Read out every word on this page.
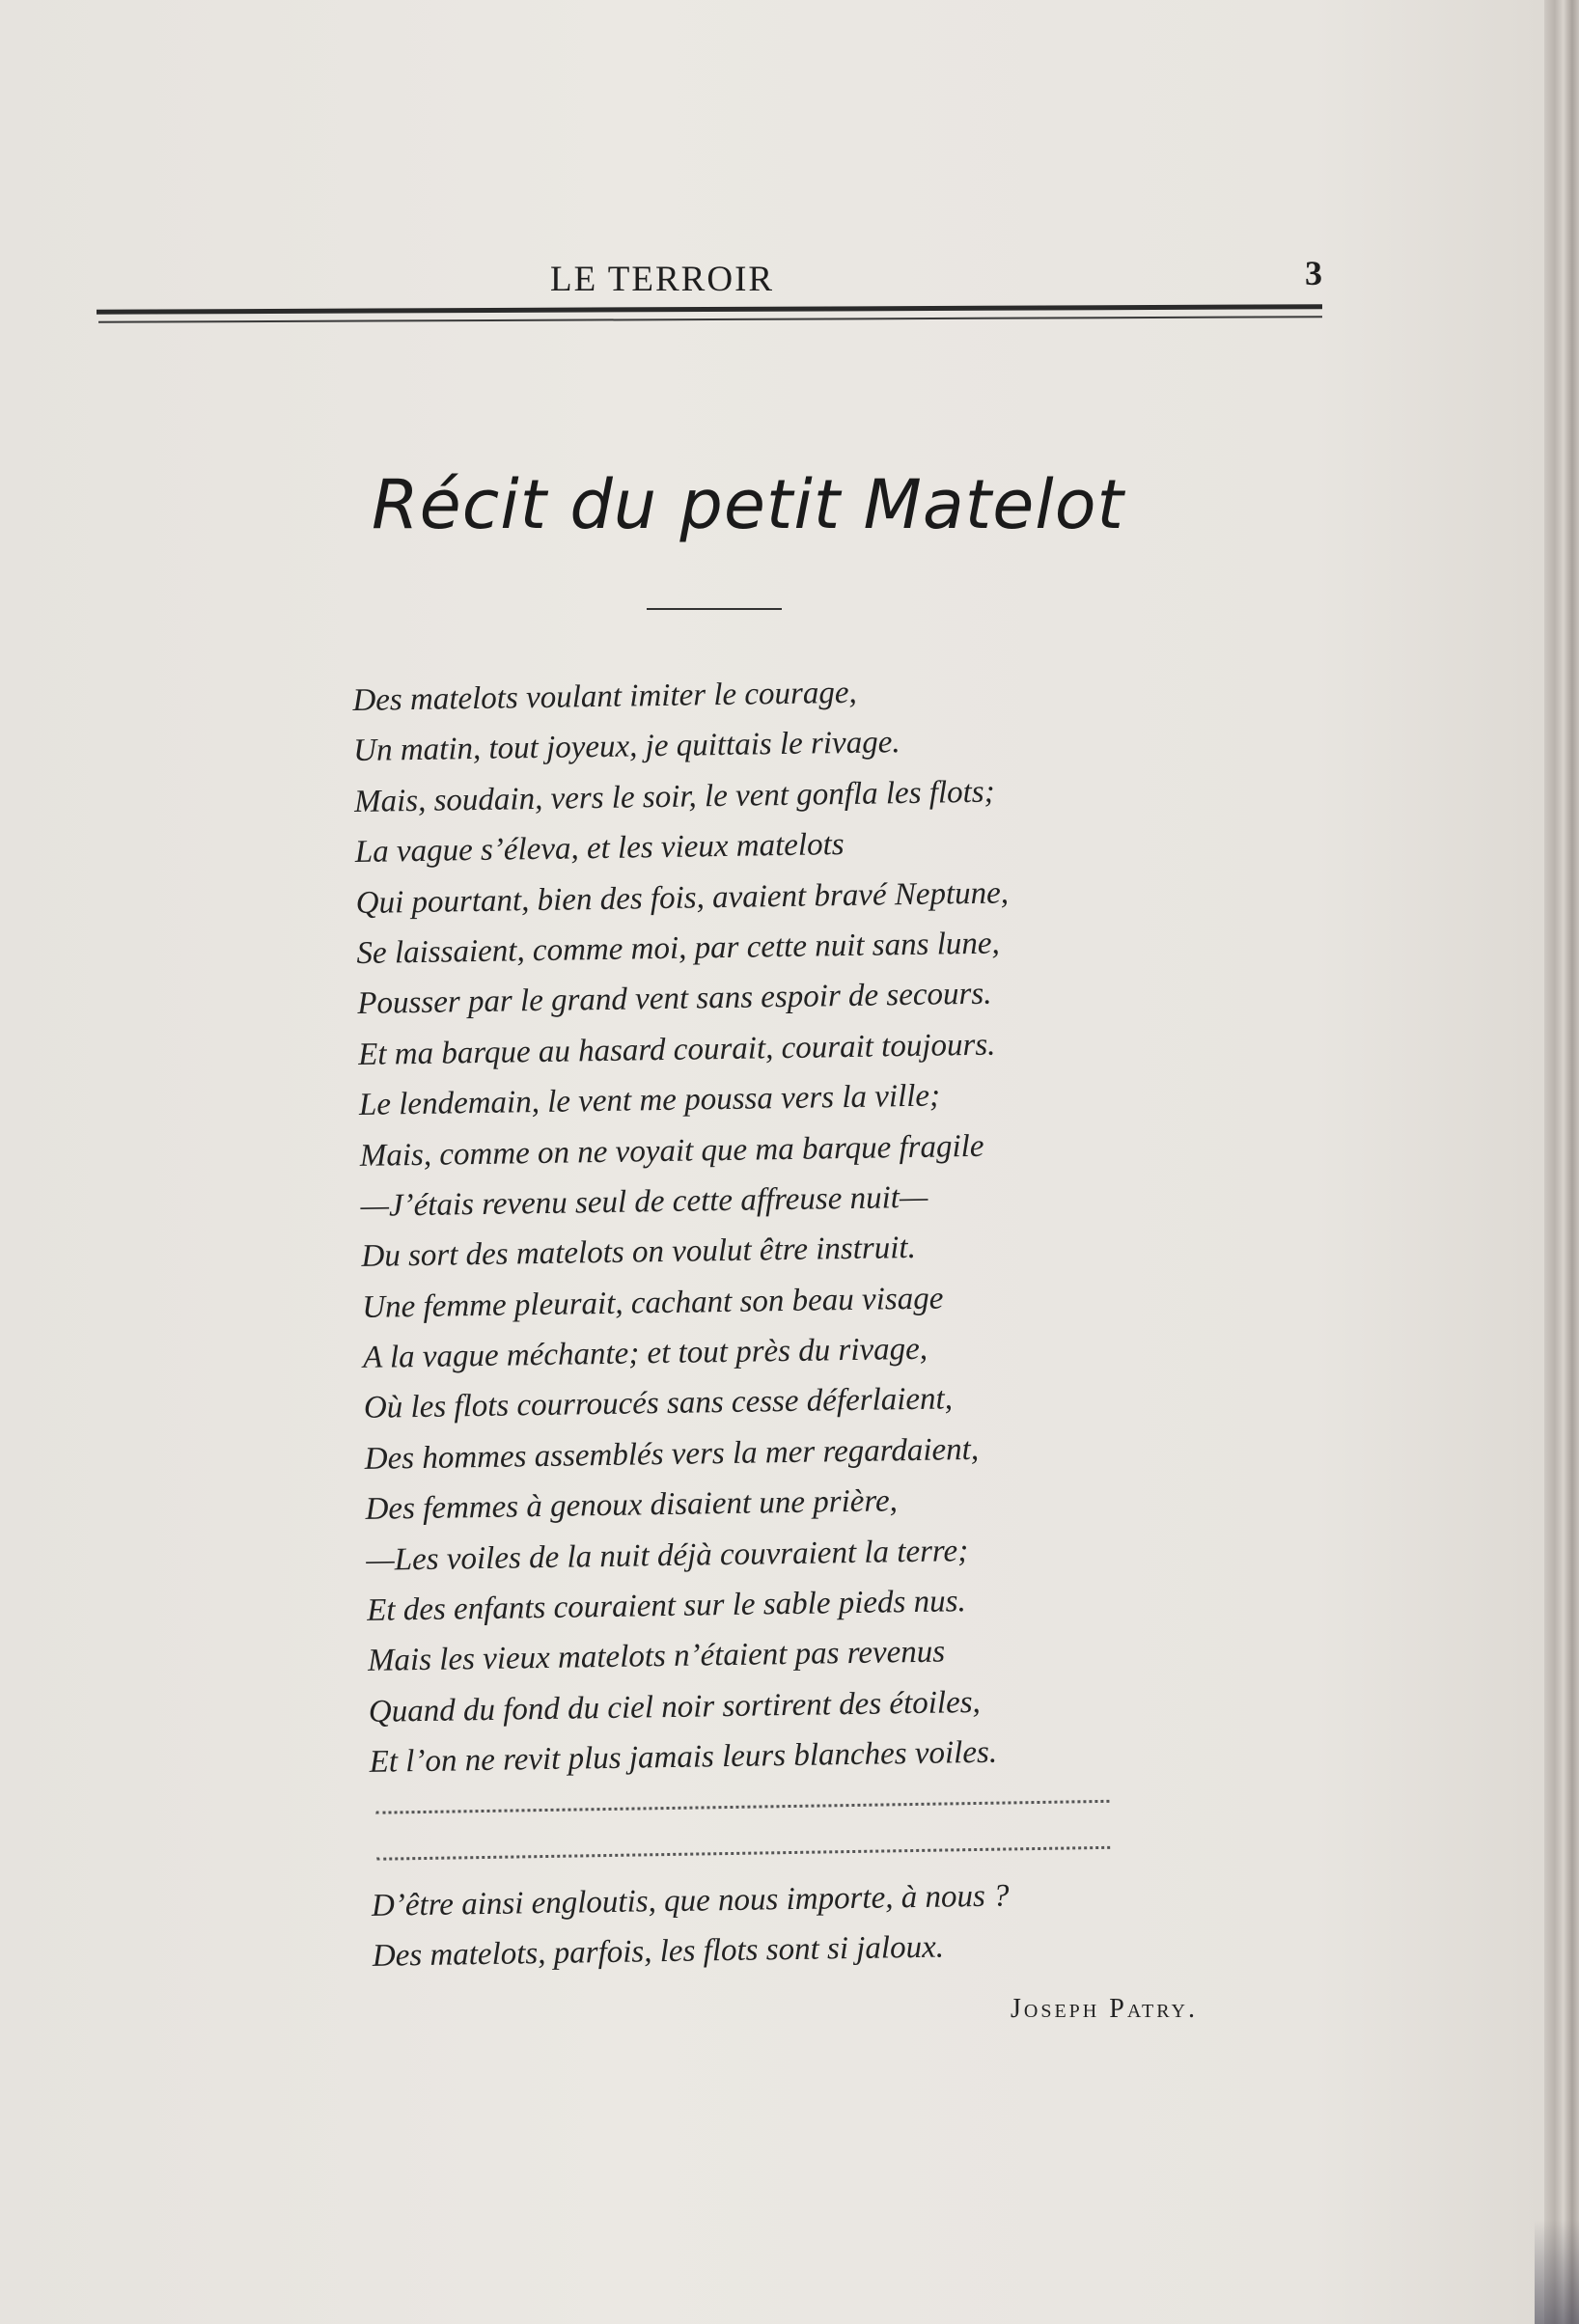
LE TERROIR	3
Récit du petit Matelot
Des matelots voulant imiter le courage,
Un matin, tout joyeux, je quittais le rivage.
Mais, soudain, vers le soir, le vent gonfla les flots;
La vague s’éleva, et les vieux matelots
Qui pourtant, bien des fois, avaient bravé Neptune,
Se laissaient, comme moi, par cette nuit sans lune,
Pousser par le grand vent sans espoir de secours.
Et ma barque au hasard courait, courait toujours.
Le lendemain, le vent me poussa vers la ville;
Mais, comme on ne voyait que ma barque fragile
—J’étais revenu seul de cette affreuse nuit—
Du sort des matelots on voulut être instruit.
Une femme pleurait, cachant son beau visage
A la vague méchante; et tout près du rivage,
Où les flots courroucés sans cesse déferlaient,
Des hommes assemblés vers la mer regardaient,
Des femmes à genoux disaient une prière,
—Les voiles de la nuit déjà couvraient la terre;
Et des enfants couraient sur le sable pieds nus.
Mais les vieux matelots n’étaient pas revenus
Quand du fond du ciel noir sortirent des étoiles,
Et l’on ne revit plus jamais leurs blanches voiles.
D’être ainsi engloutis, que nous importe, à nous ?
Des matelots, parfois, les flots sont si jaloux.
Joseph Patry.
